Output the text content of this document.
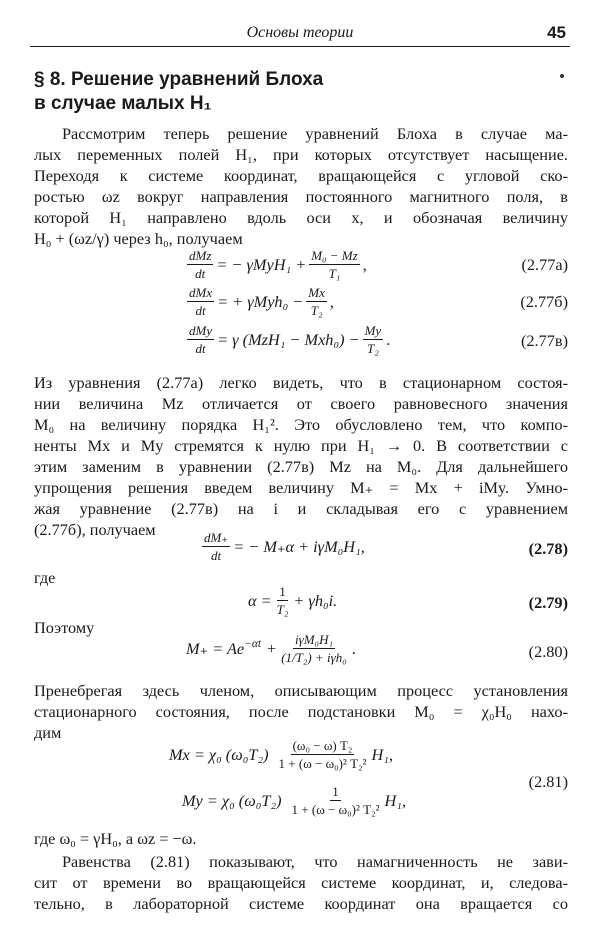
Основы теории	45
§ 8. Решение уравнений Блоха
в случае малых H₁
Рассмотрим теперь решение уравнений Блоха в случае ма-
лых переменных полей H₁, при которых отсутствует насыщение.
Переходя к системе координат, вращающейся с угловой ско-
ростью ωz вокруг направления постоянного магнитного поля, в
которой H₁ направлено вдоль оси x, и обозначая величину
H₀ + (ωz/γ) через h₀, получаем
$\frac{\text{dMz}}{dt}$ = − $\gamma MyH_1 + \frac{\text{M₀ − Mz}}{\text{T₁}}$ ,	(2.77a)
$\frac{\text{dMx}}{dt}$ = + $\gamma Myh_0 - \frac{Mx}{\text{T₂}}$ ,	(2.77б)
$\frac{\text{dMy}}{dt} = \gamma$ $(MzH_1 - Mxh_0) - \frac{My}{\text{T₂}}$ .	(2.77в)
Из уравнения (2.77а) легко видеть, что в стационарном состоя-
нии величина Mz отличается от своего равновесного значения
M₀ на величину порядка H₁². Это обусловлено тем, что компо-
ненты Mx и My стремятся к нулю при H₁ → 0. В соответствии с
этим заменим в уравнении (2.77в) Mz на M₀. Для дальнейшего
упрощения решения введем величину M₊ = Mx + iMy. Умно-
жая уравнение (2.77в) на i и складывая его с уравнением
(2.77б), получаем
$\frac{dM_+}{dt}$ = − M₊α + iγM₀H₁,	(2.78)
где
$\alpha = \frac{1}{\text{T₂}} + \gamma h_0i$.	(2.79)
Поэтому
$M_+ = Ae^{-\alpha t} + \frac{\text{iγM₀H₁}}{\text{(1/T₂) + iγh₀}}$ .	(2.80)
Пренебрегая здесь членом, описывающим процесс установления
стационарного состояния, после подстановки M₀ = χ₀H₀ нахо-
дим
Mx = χ₀ $(\omega_0T_2) \frac{\text{(ω₀ − ω) T₂}}{\text{1 + (ω − ω₀)² T₂²}} H_1$,
My = χ₀ $(\omega_0T_2) \frac{1}{\text{1 + (ω − ω₀)² T₂²}} H_1$,
(2.81)
где ω₀ = γH₀, а ωz = −ω.
Равенства (2.81) показывают, что намагниченность не зави-
сит от времени во вращающейся системе координат, и, следова-
тельно, в лабораторной системе координат она вращается со
